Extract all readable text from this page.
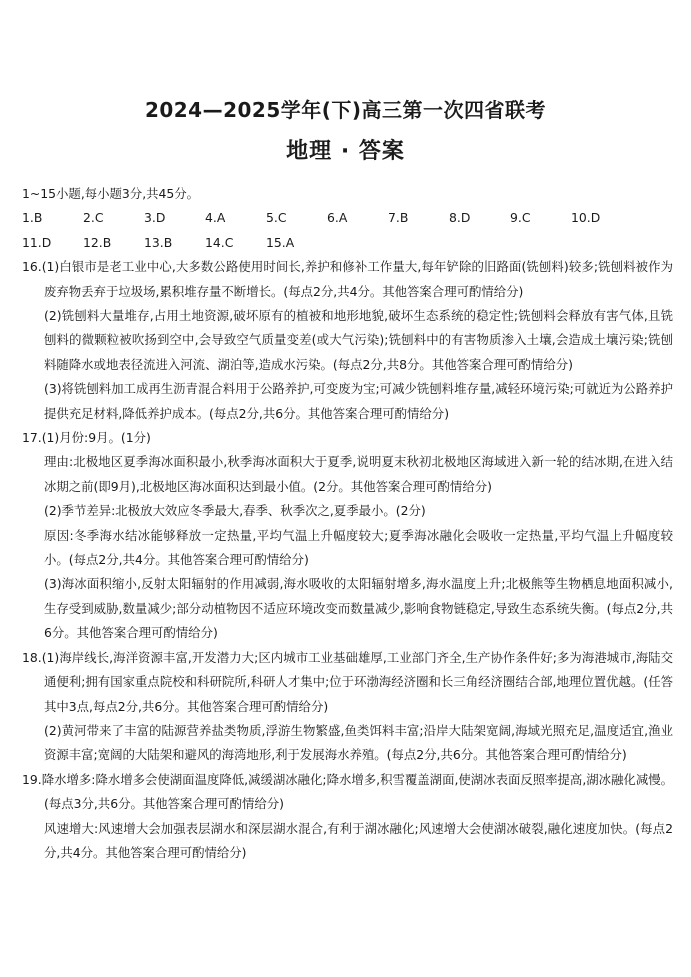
2024—2025学年(下)高三第一次四省联考
地理 · 答案
1~15小题,每小题3分,共45分。
1.B	2.C	3.D	4.A	5.C	6.A	7.B	8.D	9.C	10.D
11.D	12.B	13.B	14.C	15.A
16.(1)白银市是老工业中心,大多数公路使用时间长,养护和修补工作量大,每年铲除的旧路面(铣刨料)较多;铣刨料被作为废弃物丢弃于垃圾场,累积堆存量不断增长。(每点2分,共4分。其他答案合理可酌情给分)
(2)铣刨料大量堆存,占用土地资源,破坏原有的植被和地形地貌,破坏生态系统的稳定性;铣刨料会释放有害气体,且铣刨料的微颗粒被吹扬到空中,会导致空气质量变差(或大气污染);铣刨料中的有害物质渗入土壤,会造成土壤污染;铣刨料随降水或地表径流进入河流、湖泊等,造成水污染。(每点2分,共8分。其他答案合理可酌情给分)
(3)将铣刨料加工成再生沥青混合料用于公路养护,可变废为宝;可减少铣刨料堆存量,减轻环境污染;可就近为公路养护提供充足材料,降低养护成本。(每点2分,共6分。其他答案合理可酌情给分)
17.(1)月份:9月。(1分)
理由:北极地区夏季海冰面积最小,秋季海冰面积大于夏季,说明夏末秋初北极地区海域进入新一轮的结冰期,在进入结冰期之前(即9月),北极地区海冰面积达到最小值。(2分。其他答案合理可酌情给分)
(2)季节差异:北极放大效应冬季最大,春季、秋季次之,夏季最小。(2分)
原因:冬季海水结冰能够释放一定热量,平均气温上升幅度较大;夏季海冰融化会吸收一定热量,平均气温上升幅度较小。(每点2分,共4分。其他答案合理可酌情给分)
(3)海冰面积缩小,反射太阳辐射的作用减弱,海水吸收的太阳辐射增多,海水温度上升;北极熊等生物栖息地面积减小,生存受到威胁,数量减少;部分动植物因不适应环境改变而数量减少,影响食物链稳定,导致生态系统失衡。(每点2分,共6分。其他答案合理可酌情给分)
18.(1)海岸线长,海洋资源丰富,开发潜力大;区内城市工业基础雄厚,工业部门齐全,生产协作条件好;多为海港城市,海陆交通便利;拥有国家重点院校和科研院所,科研人才集中;位于环渤海经济圈和长三角经济圈结合部,地理位置优越。(任答其中3点,每点2分,共6分。其他答案合理可酌情给分)
(2)黄河带来了丰富的陆源营养盐类物质,浮游生物繁盛,鱼类饵料丰富;沿岸大陆架宽阔,海域光照充足,温度适宜,渔业资源丰富;宽阔的大陆架和避风的海湾地形,利于发展海水养殖。(每点2分,共6分。其他答案合理可酌情给分)
19.降水增多:降水增多会使湖面温度降低,减缓湖冰融化;降水增多,积雪覆盖湖面,使湖冰表面反照率提高,湖冰融化减慢。(每点3分,共6分。其他答案合理可酌情给分)
风速增大:风速增大会加强表层湖水和深层湖水混合,有利于湖冰融化;风速增大会使湖冰破裂,融化速度加快。(每点2分,共4分。其他答案合理可酌情给分)
